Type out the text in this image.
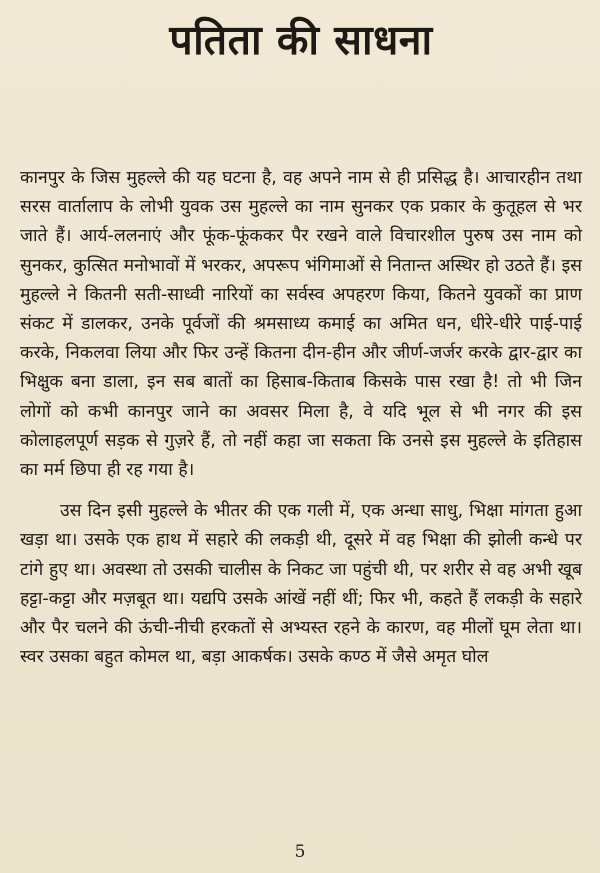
पतिता की साधना

कानपुर के जिस मुहल्ले की यह घटना है, वह अपने नाम से ही प्रसिद्ध है। आचारहीन तथा सरस वार्तालाप के लोभी युवक उस मुहल्ले का नाम सुनकर एक प्रकार के कुतूहल से भर जाते हैं। आर्य-ललनाएं और फूंक-फूंककर पैर रखने वाले विचारशील पुरुष उस नाम को सुनकर, कुत्सित मनोभावों में भरकर, अपरूप भंगिमाओं से नितान्त अस्थिर हो उठते हैं। इस मुहल्ले ने कितनी सती-साध्वी नारियों का सर्वस्व अपहरण किया, कितने युवकों का प्राण संकट में डालकर, उनके पूर्वजों की श्रमसाध्य कमाई का अमित धन, धीरे-धीरे पाई-पाई करके, निकलवा लिया और फिर उन्हें कितना दीन-हीन और जीर्ण-जर्जर करके द्वार-द्वार का भिक्षुक बना डाला, इन सब बातों का हिसाब-किताब किसके पास रखा है! तो भी जिन लोगों को कभी कानपुर जाने का अवसर मिला है, वे यदि भूल से भी नगर की इस कोलाहलपूर्ण सड़क से गुज़रे हैं, तो नहीं कहा जा सकता कि उनसे इस मुहल्ले के इतिहास का मर्म छिपा ही रह गया है।

उस दिन इसी मुहल्ले के भीतर की एक गली में, एक अन्धा साधु, भिक्षा मांगता हुआ खड़ा था। उसके एक हाथ में सहारे की लकड़ी थी, दूसरे में वह भिक्षा की झोली कन्धे पर टांगे हुए था। अवस्था तो उसकी चालीस के निकट जा पहुंची थी, पर शरीर से वह अभी खूब हट्टा-कट्टा और मज़बूत था। यद्यपि उसके आंखें नहीं थीं; फिर भी, कहते हैं लकड़ी के सहारे और पैर चलने की ऊंची-नीची हरकतों से अभ्यस्त रहने के कारण, वह मीलों घूम लेता था। स्वर उसका बहुत कोमल था, बड़ा आकर्षक। उसके कण्ठ में जैसे अमृत घोल

5
